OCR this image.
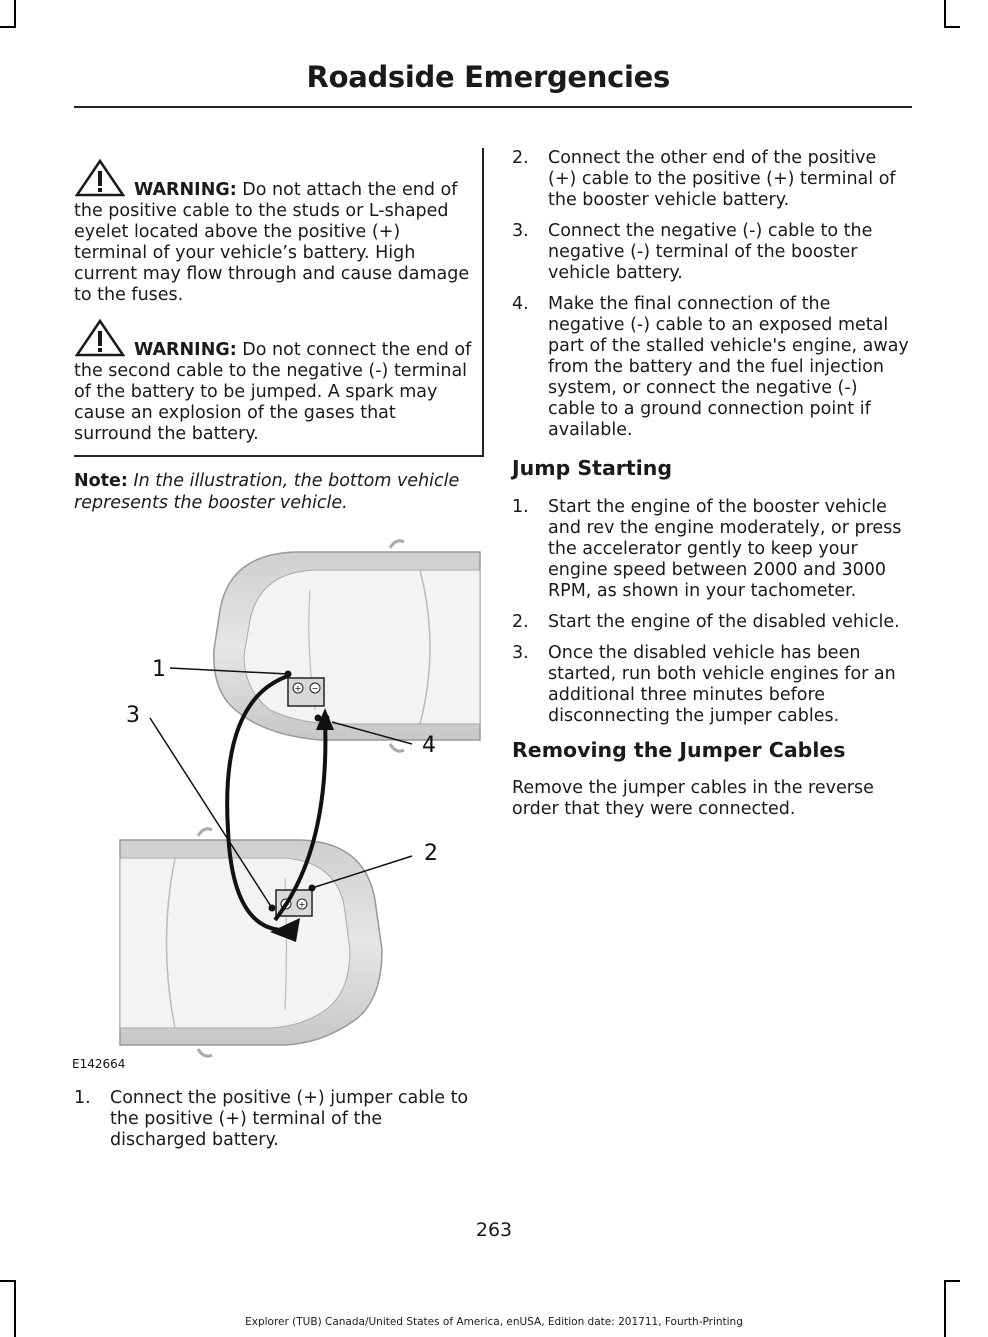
Roadside Emergencies

WARNING: Do not attach the end of the positive cable to the studs or L-shaped eyelet located above the positive (+) terminal of your vehicle’s battery. High current may flow through and cause damage to the fuses.

WARNING: Do not connect the end of the second cable to the negative (-) terminal of the battery to be jumped. A spark may cause an explosion of the gases that surround the battery.

Note: In the illustration, the bottom vehicle represents the booster vehicle.
+ −
− +
1
2
3
4
E142664
1.	Connect the positive (+) jumper cable to the positive (+) terminal of the discharged battery.
2.	Connect the other end of the positive (+) cable to the positive (+) terminal of the booster vehicle battery.
3.	Connect the negative (-) cable to the negative (-) terminal of the booster vehicle battery.
4.	Make the final connection of the negative (-) cable to an exposed metal part of the stalled vehicle's engine, away from the battery and the fuel injection system, or connect the negative (-) cable to a ground connection point if available.
Jump Starting
1.	Start the engine of the booster vehicle and rev the engine moderately, or press the accelerator gently to keep your engine speed between 2000 and 3000 RPM, as shown in your tachometer.
2.	Start the engine of the disabled vehicle.
3.	Once the disabled vehicle has been started, run both vehicle engines for an additional three minutes before disconnecting the jumper cables.
Removing the Jumper Cables
Remove the jumper cables in the reverse order that they were connected.
263
Explorer (TUB) Canada/United States of America, enUSA, Edition date: 201711, Fourth-Printing
